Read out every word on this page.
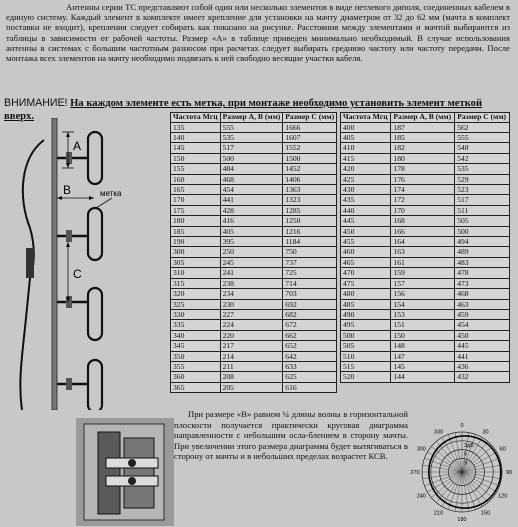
Антенны серии ТС представляют собой один или несколько элементов в виде петлевого диполя, соединенных кабелем в единую систему. Каждый элемент в комплекте имеет крепление для установки на мачту диаметром от 32 до 62 мм (мачта в комплект поставки не входит), крепления следует собирать как показано на рисунке. Расстояния между элементами и мачтой выбираются из таблицы в зависимости от рабочей частоты. Размер «А» в таблице приведен минимально необходимый. В случае использования антенны в системах с большим частотным разносом при расчетах следует выбирать среднюю частоту или частоту передачи. После монтажа всех элементов на мачту необходимо подвязать к ней свободно весящие участки кабеля.

ВНИМАНИЕ! На каждом элементе есть метка, при монтаже необходимо установить элемент меткой вверх.
A
B	метка
C
Частота Мгц	Размер А, В (мм)	Размер С (мм)
135	555	1666
140	535	1607
145	517	1552
150	500	1500
155	484	1452
160	468	1406
165	454	1363
170	441	1323
175	428	1285
180	416	1250
185	405	1216
190	395	1184
300	250	750
305	245	737
310	241	725
315	238	714
320	234	703
325	230	692
330	227	682
335	224	672
340	220	662
345	217	652
350	214	642
355	211	633
360	208	625
365	205	616
Частота Мгц	Размер А, В (мм)	Размер С (мм)
400	187	562
405	185	555
410	182	548
415	180	542
420	178	535
425	176	529
430	174	523
435	172	517
440	170	511
445	168	505
450	166	500
455	164	494
460	163	489
465	161	483
470	159	478
475	157	473
480	156	468
485	154	463
490	153	459
495	151	454
500	150	450
505	148	445
510	147	441
515	145	436
520	144	432
При размере «В» равном ¼ длины волны в горизонтальной плоскости получается практически круговая диаграмма направленности с небольшим осла-блением в сторону мачты. При увеличении этого размера диаграмма будет вытягиваться в сторону от мачты и в небольших пределах возрастет КСВ.
0
30
60
90
120
150
180
210
240
270
300
330
3дБ
6
9
